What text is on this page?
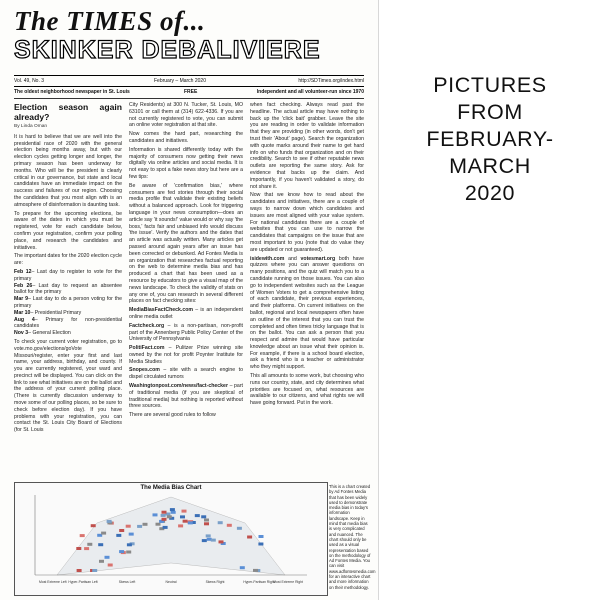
The TIMES of...
SKINKER DEBALIVIERE
Vol. 49, No. 3	February – March 2020	http://SDTimes.org/index.html
The oldest neighborhood newspaper in St. Louis	FREE	Independent and all volunteer-run since 1970
Election season again already?
By Linda Oman

It is hard to believe that we are well into the presidential race of 2020 with the general election being months away, but with our election cycles getting longer and longer, the primary season has been underway for months. Who will be the president is clearly critical in our governance, but state and local candidates have an immediate impact on the success and failures of our region. Choosing the candidates that you most align with is an atmosphere of disinformation is daunting task.

To prepare for the upcoming elections, be aware of the dates in which you must be registered, vote for each candidate below, confirm your registration, confirm your polling place, and research the candidates and initiatives.

The important dates for the 2020 election cycle are:

Feb 12– Last day to register to vote for the primary
Feb 26– Last day to request an absentee ballot for the primary
Mar 9– Last day to do a person voting for the primary
Mar 10– Presidential Primary
Aug 4– Primary for non-presidential candidates
Nov 3– General Election

To check your current voter registration, go to vote.mo.gov/elections/goVote Missouri/register, enter your first and last name, your address, birthday, and county. If you are currently registered, your ward and precinct will be displayed. You can click on the link to see what initiatives are on the ballot and the address of your current polling place. (There is currently discussion underway to move some of our polling places, so be sure to check before election day). If you have problems with your registration, you can contact the St. Louis City Board of Elections (for St. Louis

City Residents) at 300 N. Tucker, St. Louis, MO 63101 or call them at (314) 622-4336. If you are not currently registered to vote, you can submit an online voter registration at that site.

Now comes the hard part, researching the candidates and initiatives.

Information is shared differently today with the majority of consumers now getting their news digitally via online articles and social media. It is not easy to spot a fake news story but here are a few tips:

Be aware of 'confirmation bias,' where consumers are fed stories through their social media profile that validate their existing beliefs without a balanced approach. Look for triggering language in your news consumption—does an article say 'it sounds!' value would or why say 'the boss,' facts fair and unbiased info would discuss 'the issue'. Verify the authors and the dates that an article was actually written. Many articles get passed around again years after an issue has been corrected or debunked. Ad Fontes Media is an organization that researches factual reporting on the web to determine media bias and has produced a chart that has been used as a resource by educators to give a visual map of the news landscape. To check the validity of stats on any one of, you can research in several different places on fact checking sites:

MediaBiasFactCheck.com – is an independent online media outlet

Factcheck.org – is a non-partisan, non-profit part of the Annenberg Public Policy Center of the University of Pennsylvania

PolitiFact.com – Pulitzer Prize winning site owned by the not for profit Poynter Institute for Media Studies

Snopes.com – site with a search engine to dispel circulated rumors

Washingtonpost.com/news/fact-checker – part of traditional media (if you are skeptical of traditional media) but nothing is reported without three sources.

There are several good rules to follow

when fact checking. Always read past the headline. The actual article may have nothing to back up the 'click bait' grabber. Leave the site you are reading in order to validate information that they are providing (in other words, don't get trust their 'About' page). Search the organization with quote marks around their name to get hard info on who funds that organization and on their credibility. Search to see if other reputable news outlets are reporting the same story. Ask for evidence that backs up the claim. And importantly, if you haven't validated a story, do not share it.

Now that we know how to read about the candidates and initiatives, there are a couple of ways to narrow down which candidates and issues are most aligned with your value system. For national candidates there are a couple of websites that you can use to narrow the candidates that campaigns on the issue that are most important to you (note that do value they are updated or not guaranteed).

isidewith.com and votesmart.org both have quizzes where you can answer questions on many positions, and the quiz will match you to a candidate running on those issues. You can also go to independent websites such as the League of Women Voters to get a comprehensive listing of each candidate, their previous experiences, and their platforms. On current initiatives on the ballot, regional and local newspapers often have an outline of the interest that you can trust the completed and often times tricky language that is on the ballot. You can ask a person that you respect and admire that would have particular knowledge about an issue what their opinion is. For example, if there is a school board election, ask a friend who is a teacher or administrator who they might support.

This all amounts to some work, but choosing who runs our country, state, and city determines what priorities are focused on, what resources are available to our citizens, and what rights we will have going forward. Put in the work.

The Media Bias Chart
Most Extreme Left Hyper-Partisan Left	Skews Left	Neutral	Skews Right	Hyper-Partisan Right
Most Extreme Right
This is a chart created by Ad Fontes Media that has been widely used to demonstrate media bias in today's information landscape. Keep in mind that media bias is very complicated and nuanced. The chart should only be used as a visual representation based on the methodology of Ad Fontes Media. You can visit www.adfontesmedia.com for an interactive chart and more information on their methodology.
PICTURES
FROM
FEBRUARY-
MARCH
2020
